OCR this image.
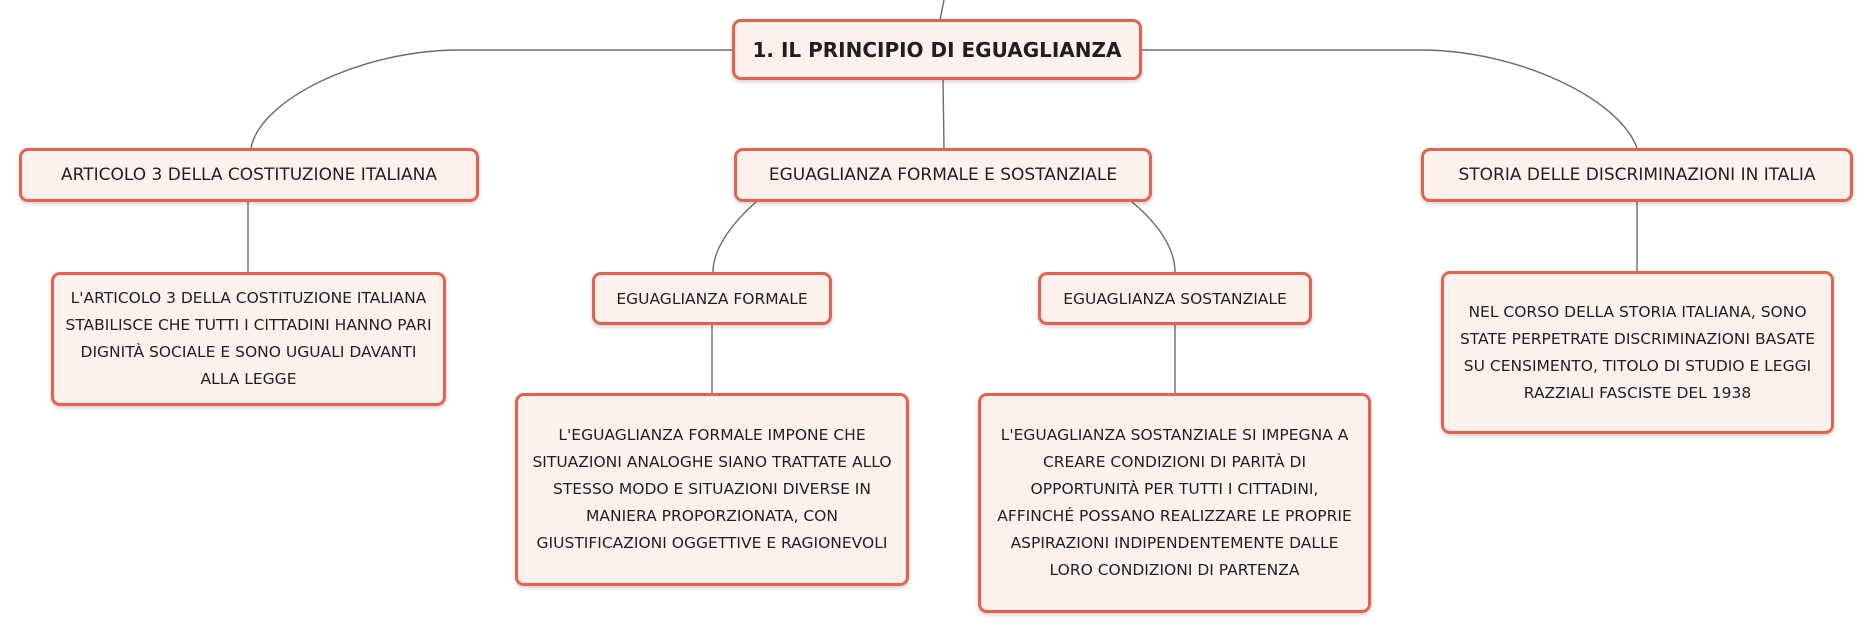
1. IL PRINCIPIO DI EGUAGLIANZA
ARTICOLO 3 DELLA COSTITUZIONE ITALIANA	EGUAGLIANZA FORMALE E SOSTANZIALE	STORIA DELLE DISCRIMINAZIONI IN ITALIA
L'ARTICOLO 3 DELLA COSTITUZIONE ITALIANA STABILISCE CHE TUTTI I CITTADINI HANNO PARI DIGNITÀ SOCIALE E SONO UGUALI DAVANTI ALLA LEGGE
EGUAGLIANZA FORMALE	EGUAGLIANZA SOSTANZIALE
NEL CORSO DELLA STORIA ITALIANA, SONO STATE PERPETRATE DISCRIMINAZIONI BASATE SU CENSIMENTO, TITOLO DI STUDIO E LEGGI RAZZIALI FASCISTE DEL 1938
L'EGUAGLIANZA FORMALE IMPONE CHE SITUAZIONI ANALOGHE SIANO TRATTATE ALLO STESSO MODO E SITUAZIONI DIVERSE IN MANIERA PROPORZIONATA, CON GIUSTIFICAZIONI OGGETTIVE E RAGIONEVOLI
L'EGUAGLIANZA SOSTANZIALE SI IMPEGNA A CREARE CONDIZIONI DI PARITÀ DI OPPORTUNITÀ PER TUTTI I CITTADINI, AFFINCHÉ POSSANO REALIZZARE LE PROPRIE ASPIRAZIONI INDIPENDENTEMENTE DALLE LORO CONDIZIONI DI PARTENZA
